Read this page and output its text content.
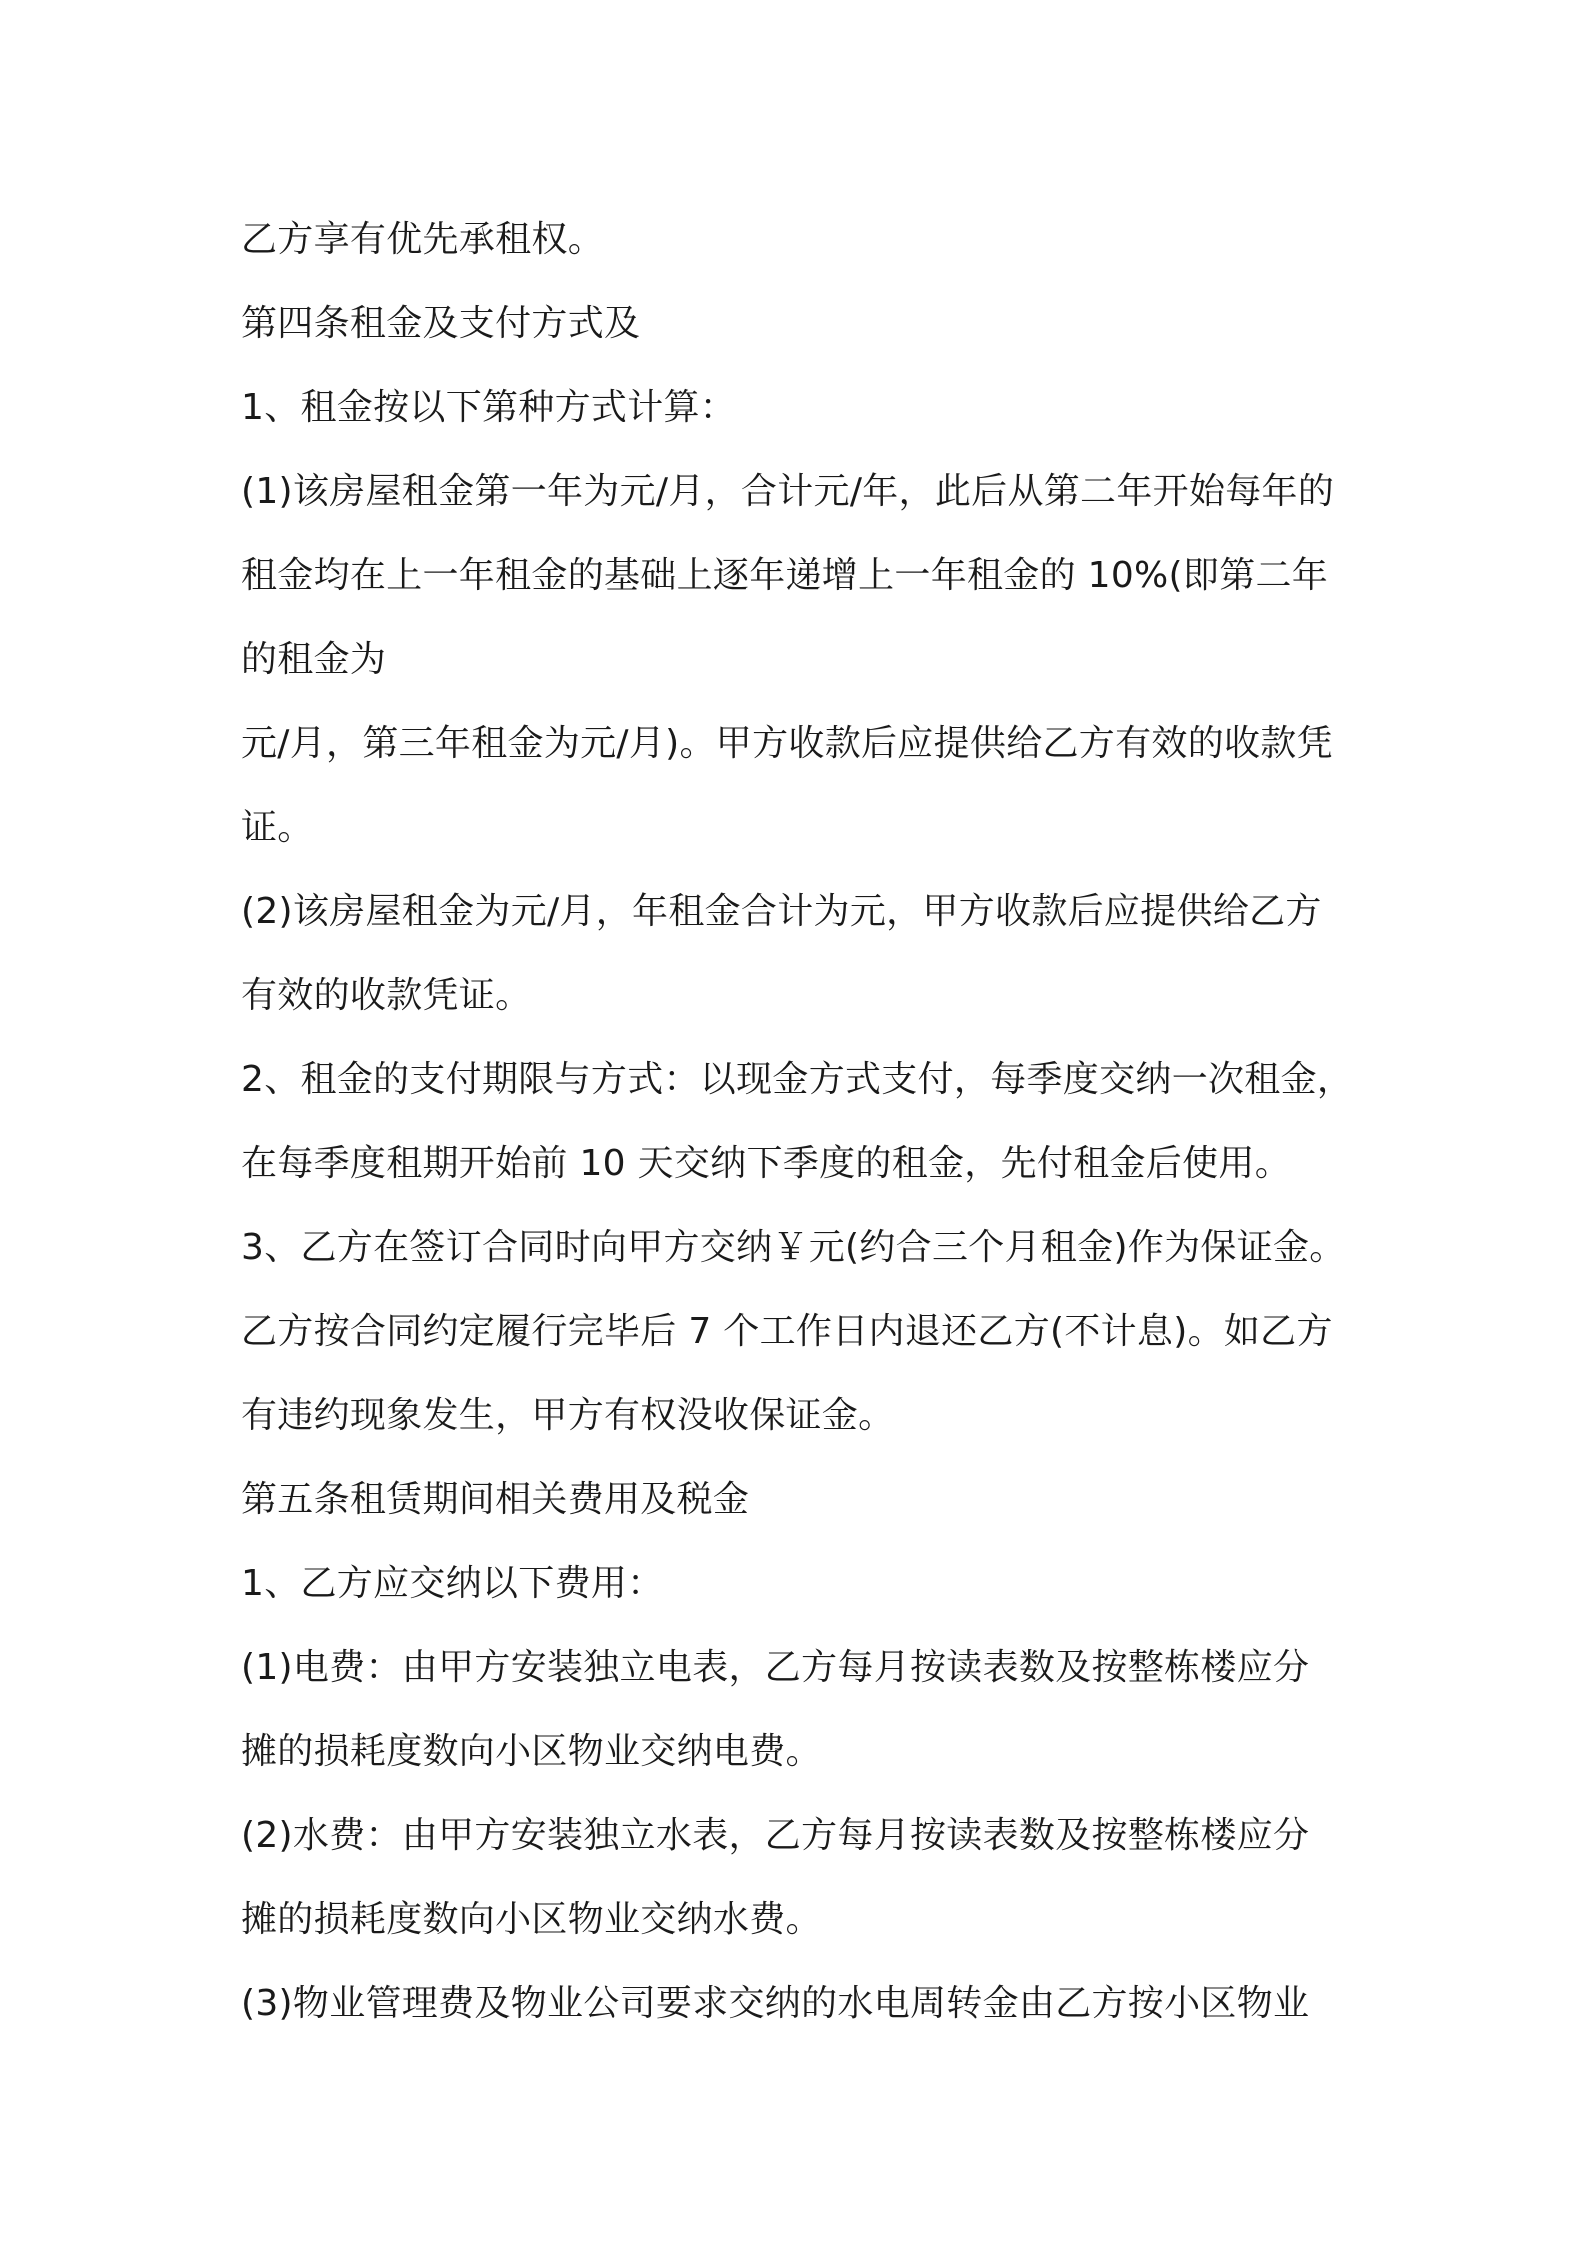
乙方享有优先承租权。
第四条租金及支付方式及
1、租金按以下第种方式计算：
(1)该房屋租金第一年为元/月，合计元/年，此后从第二年开始每年的
租金均在上一年租金的基础上逐年递增上一年租金的 10%(即第二年
的租金为
元/月，第三年租金为元/月)。甲方收款后应提供给乙方有效的收款凭
证。
(2)该房屋租金为元/月，年租金合计为元，甲方收款后应提供给乙方
有效的收款凭证。
2、租金的支付期限与方式：以现金方式支付，每季度交纳一次租金，
在每季度租期开始前 10 天交纳下季度的租金，先付租金后使用。
3、乙方在签订合同时向甲方交纳￥元(约合三个月租金)作为保证金。
乙方按合同约定履行完毕后 7 个工作日内退还乙方(不计息)。如乙方
有违约现象发生，甲方有权没收保证金。
第五条租赁期间相关费用及税金
1、乙方应交纳以下费用：
(1)电费：由甲方安装独立电表，乙方每月按读表数及按整栋楼应分
摊的损耗度数向小区物业交纳电费。
(2)水费：由甲方安装独立水表，乙方每月按读表数及按整栋楼应分
摊的损耗度数向小区物业交纳水费。
(3)物业管理费及物业公司要求交纳的水电周转金由乙方按小区物业
